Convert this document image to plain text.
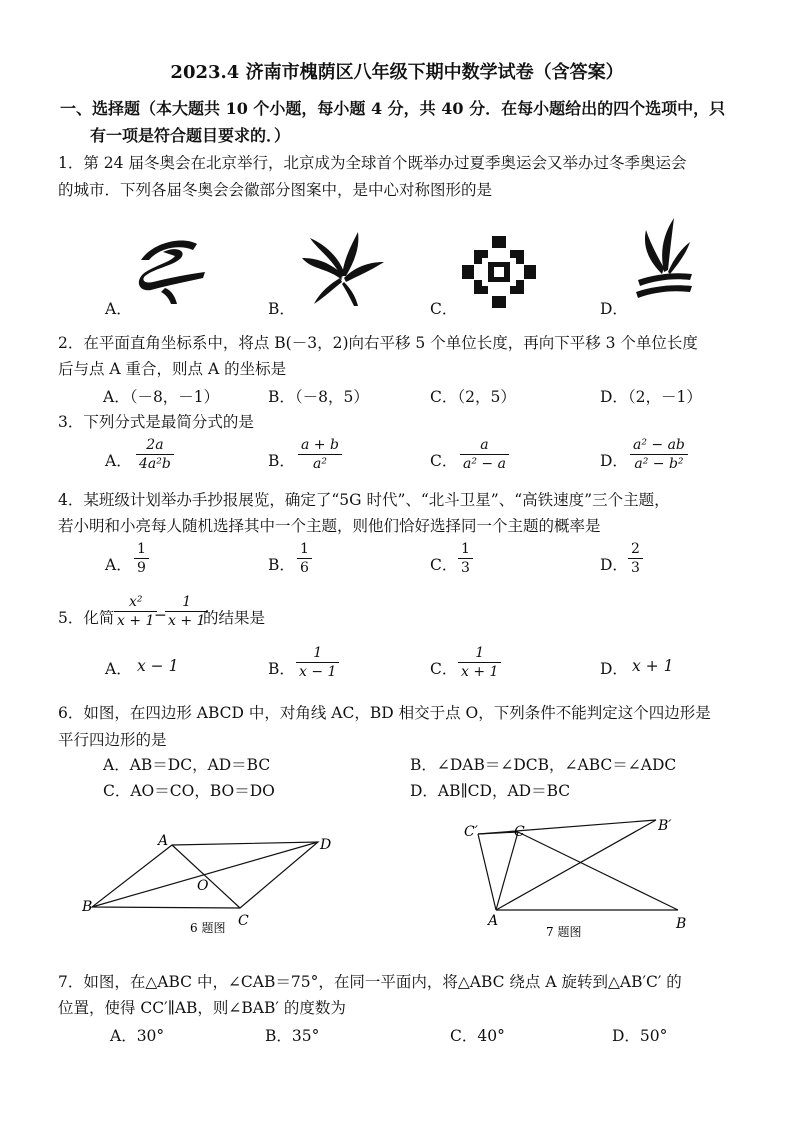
2023.4 济南市槐荫区八年级下期中数学试卷（含答案）
一、选择题（本大题共 10 个小题，每小题 4 分，共 40 分．在每小题给出的四个选项中，只
有一项是符合题目要求的．）
1．第 24 届冬奥会在北京举行，北京成为全球首个既举办过夏季奥运会又举办过冬季奥运会
的城市．下列各届冬奥会会徽部分图案中，是中心对称图形的是
A．	B．	C．	D．
2．在平面直角坐标系中，将点 B(－3，2)向右平移 5 个单位长度，再向下平移 3 个单位长度
后与点 A 重合，则点 A 的坐标是
A．（－8，－1）	B．（－8，5）	C．（2，5）	D．（2，－1）
3．下列分式是最简分式的是
A． $\frac{2a}{\text{4a²b}}$	B． $\frac{a + b}{\text{a²}}$	C． $\frac{a}{\text{a² − a}}$	D． $\frac{\text{a² − ab}}{\text{a² − b²}}$
4．某班级计划举办手抄报展览，确定了“5G 时代”、“北斗卫星”、“高铁速度”三个主题，
若小明和小亮每人随机选择其中一个主题，则他们恰好选择同一个主题的概率是
A． $\frac{1}{9}$	B． $\frac{1}{6}$	C． $\frac{1}{3}$	D． $\frac{2}{3}$
5．化简 $\frac{\text{x²}}{x + 1}$
−
$\frac{1}{x + 1}$
的结果是
A． x − 1	B． $\frac{1}{x - 1}$	C． $\frac{1}{x + 1}$	D． x + 1
6．如图，在四边形 ABCD 中，对角线 AC，BD 相交于点 O，下列条件不能判定这个四边形是
平行四边形的是
A．AB＝DC，AD＝BC	B．∠DAB＝∠DCB，∠ABC＝∠ADC
C．AO＝CO，BO＝DO	D．AB∥CD，AD＝BC
A
B
C
D
O
6 题图
C′	C	B′
A	B
7 题图
7．如图，在△ABC 中，∠CAB＝75°，在同一平面内，将△ABC 绕点 A 旋转到△AB′C′ 的
位置，使得 CC′∥AB，则∠BAB′ 的度数为
A．30°	B．35°	C．40°	D．50°
